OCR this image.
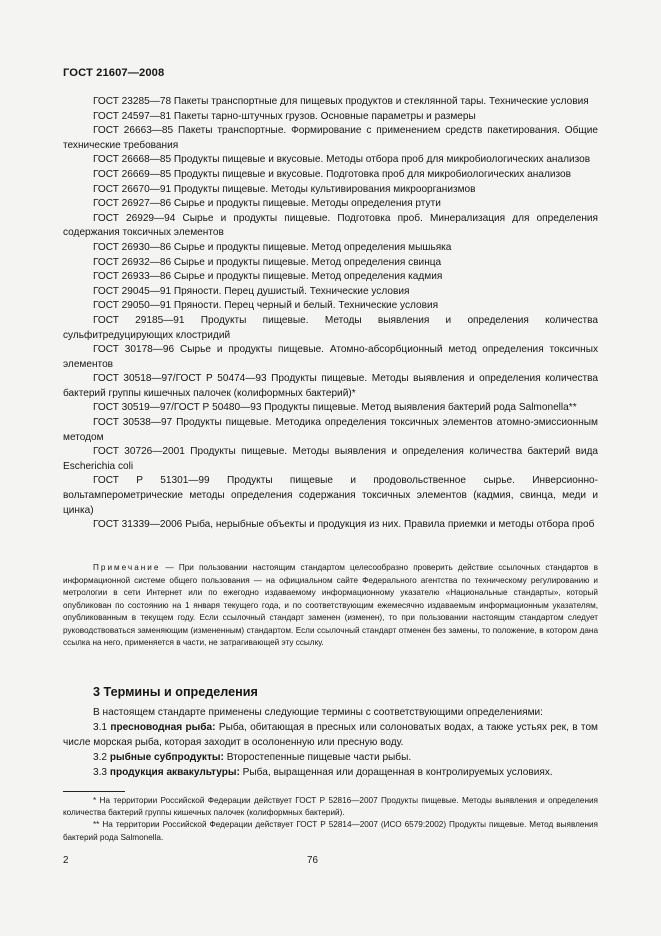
ГОСТ 21607—2008

ГОСТ 23285—78 Пакеты транспортные для пищевых продуктов и стеклянной тары. Технические условия

ГОСТ 24597—81 Пакеты тарно-штучных грузов. Основные параметры и размеры

ГОСТ 26663—85 Пакеты транспортные. Формирование с применением средств пакетирования. Общие технические требования

ГОСТ 26668—85 Продукты пищевые и вкусовые. Методы отбора проб для микробиологических анализов

ГОСТ 26669—85 Продукты пищевые и вкусовые. Подготовка проб для микробиологических анализов

ГОСТ 26670—91 Продукты пищевые. Методы культивирования микроорганизмов

ГОСТ 26927—86 Сырье и продукты пищевые. Методы определения ртути

ГОСТ 26929—94 Сырье и продукты пищевые. Подготовка проб. Минерализация для определения содержания токсичных элементов

ГОСТ 26930—86 Сырье и продукты пищевые. Метод определения мышьяка

ГОСТ 26932—86 Сырье и продукты пищевые. Метод определения свинца

ГОСТ 26933—86 Сырье и продукты пищевые. Метод определения кадмия

ГОСТ 29045—91 Пряности. Перец душистый. Технические условия

ГОСТ 29050—91 Пряности. Перец черный и белый. Технические условия

ГОСТ 29185—91 Продукты пищевые. Методы выявления и определения количества сульфитредуцирующих клостридий

ГОСТ 30178—96 Сырье и продукты пищевые. Атомно-абсорбционный метод определения токсичных элементов

ГОСТ 30518—97/ГОСТ Р 50474—93 Продукты пищевые. Методы выявления и определения количества бактерий группы кишечных палочек (колиформных бактерий)*

ГОСТ 30519—97/ГОСТ Р 50480—93 Продукты пищевые. Метод выявления бактерий рода Salmonella**

ГОСТ 30538—97 Продукты пищевые. Методика определения токсичных элементов атомно-эмиссионным методом

ГОСТ 30726—2001 Продукты пищевые. Методы выявления и определения количества бактерий вида Escherichia coli

ГОСТ Р 51301—99 Продукты пищевые и продовольственное сырье. Инверсионно-вольтамперометрические методы определения содержания токсичных элементов (кадмия, свинца, меди и цинка)

ГОСТ 31339—2006 Рыба, нерыбные объекты и продукция из них. Правила приемки и методы отбора проб

Примечание — При пользовании настоящим стандартом целесообразно проверить действие ссылочных стандартов в информационной системе общего пользования — на официальном сайте Федерального агентства по техническому регулированию и метрологии в сети Интернет или по ежегодно издаваемому информационному указателю «Национальные стандарты», который опубликован по состоянию на 1 января текущего года, и по соответствующим ежемесячно издаваемым информационным указателям, опубликованным в текущем году. Если ссылочный стандарт заменен (изменен), то при пользовании настоящим стандартом следует руководствоваться заменяющим (измененным) стандартом. Если ссылочный стандарт отменен без замены, то положение, в котором дана ссылка на него, применяется в части, не затрагивающей эту ссылку.

3 Термины и определения

В настоящем стандарте применены следующие термины с соответствующими определениями:

3.1 пресноводная рыба: Рыба, обитающая в пресных или солоноватых водах, а также устьях рек, в том числе морская рыба, которая заходит в осолоненную или пресную воду.

3.2 рыбные субпродукты: Второстепенные пищевые части рыбы.

3.3 продукция аквакультуры: Рыба, выращенная или доращенная в контролируемых условиях.

* На территории Российской Федерации действует ГОСТ Р 52816—2007 Продукты пищевые. Методы выявления и определения количества бактерий группы кишечных палочек (колиформных бактерий).

** На территории Российской Федерации действует ГОСТ Р 52814—2007 (ИСО 6579:2002) Продукты пищевые. Метод выявления бактерий рода Salmonella.

2	76
